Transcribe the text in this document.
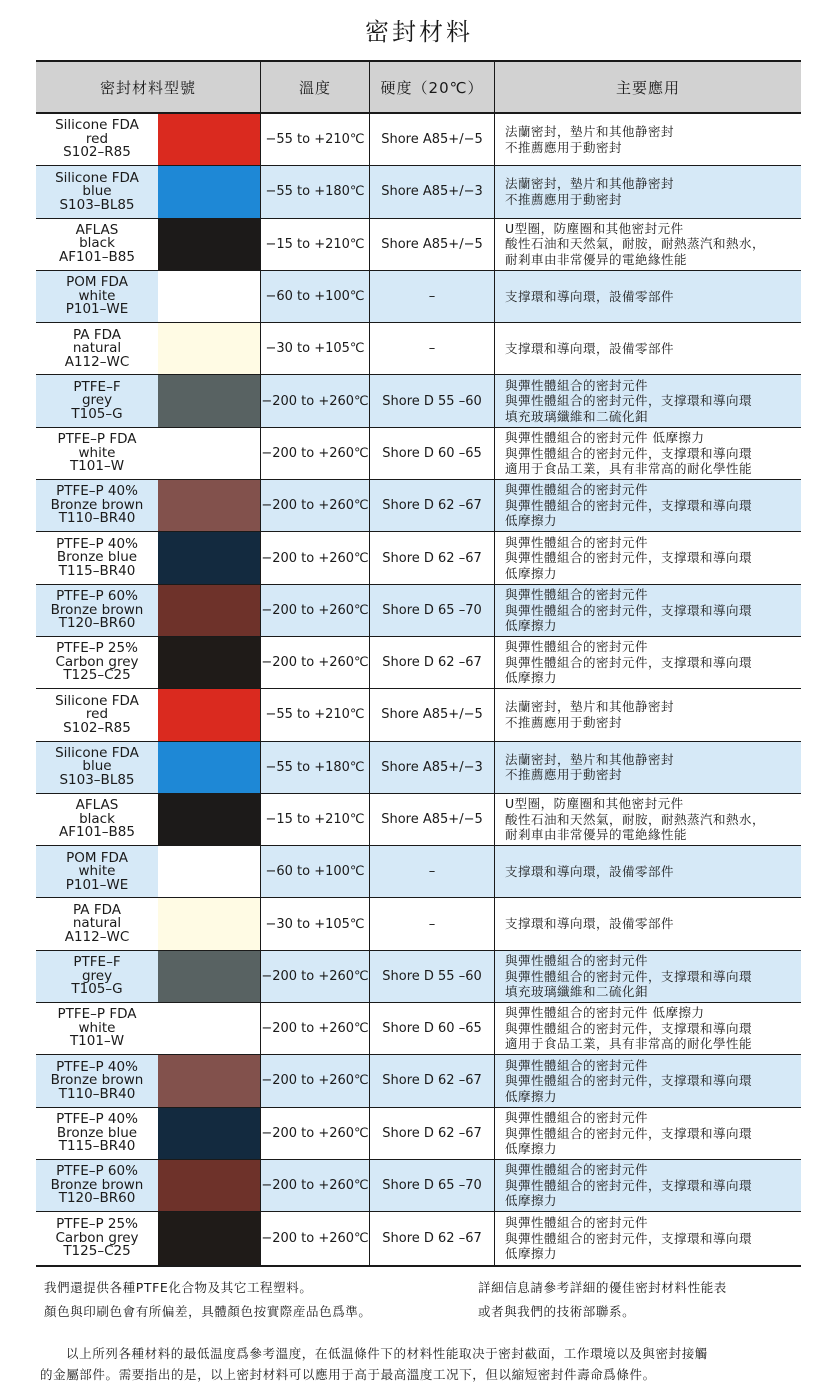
密封材料
密封材料型號	溫度	硬度（20℃）	主要應用
Silicone FDA
red
S102–R85
−55 to +210℃	Shore A85+/−5
法蘭密封，墊片和其他静密封
不推薦應用于動密封
Silicone FDA
blue
S103–BL85
−55 to +180℃	Shore A85+/−3
法蘭密封，墊片和其他静密封
不推薦應用于動密封
AFLAS
black
AF101–B85
−15 to +210℃	Shore A85+/−5
U型圈，防塵圈和其他密封元件
酸性石油和天然氣，耐胺，耐熱蒸汽和熱水，
耐剎車由非常優异的電絶緣性能
POM FDA
white
P101–WE
−60 to +100℃	–	支撑環和導向環，設備零部件
PA FDA
natural
A112–WC
−30 to +105℃	–	支撑環和導向環，設備零部件
PTFE–F
grey
T105–G
−200 to +260℃	Shore D 55 –60
與彈性體組合的密封元件
與彈性體組合的密封元件，支撑環和導向環
填充玻璃纖維和二硫化鉬
PTFE–P FDA
white
T101–W
−200 to +260℃	Shore D 60 –65
與彈性體組合的密封元件 低摩擦力
與彈性體組合的密封元件，支撑環和導向環
適用于食品工業，具有非常高的耐化學性能
PTFE–P 40%
Bronze brown
T110–BR40
−200 to +260℃	Shore D 62 –67
與彈性體組合的密封元件
與彈性體組合的密封元件，支撑環和導向環
低摩擦力
PTFE–P 40%
Bronze blue
T115–BR40
−200 to +260℃	Shore D 62 –67
與彈性體組合的密封元件
與彈性體組合的密封元件，支撑環和導向環
低摩擦力
PTFE–P 60%
Bronze brown
T120–BR60
−200 to +260℃	Shore D 65 –70
與彈性體組合的密封元件
與彈性體組合的密封元件，支撑環和導向環
低摩擦力
PTFE–P 25%
Carbon grey
T125–C25
−200 to +260℃	Shore D 62 –67
與彈性體組合的密封元件
與彈性體組合的密封元件，支撑環和導向環
低摩擦力
Silicone FDA
red
S102–R85
−55 to +210℃	Shore A85+/−5
法蘭密封，墊片和其他静密封
不推薦應用于動密封
Silicone FDA
blue
S103–BL85
−55 to +180℃	Shore A85+/−3
法蘭密封，墊片和其他静密封
不推薦應用于動密封
AFLAS
black
AF101–B85
−15 to +210℃	Shore A85+/−5
U型圈，防塵圈和其他密封元件
酸性石油和天然氣，耐胺，耐熱蒸汽和熱水，
耐剎車由非常優异的電絶緣性能
POM FDA
white
P101–WE
−60 to +100℃	–	支撑環和導向環，設備零部件
PA FDA
natural
A112–WC
−30 to +105℃	–	支撑環和導向環，設備零部件
PTFE–F
grey
T105–G
−200 to +260℃	Shore D 55 –60
與彈性體組合的密封元件
與彈性體組合的密封元件，支撑環和導向環
填充玻璃纖維和二硫化鉬
PTFE–P FDA
white
T101–W
−200 to +260℃	Shore D 60 –65
與彈性體組合的密封元件 低摩擦力
與彈性體組合的密封元件，支撑環和導向環
適用于食品工業，具有非常高的耐化學性能
PTFE–P 40%
Bronze brown
T110–BR40
−200 to +260℃	Shore D 62 –67
與彈性體組合的密封元件
與彈性體組合的密封元件，支撑環和導向環
低摩擦力
PTFE–P 40%
Bronze blue
T115–BR40
−200 to +260℃	Shore D 62 –67
與彈性體組合的密封元件
與彈性體組合的密封元件，支撑環和導向環
低摩擦力
PTFE–P 60%
Bronze brown
T120–BR60
−200 to +260℃	Shore D 65 –70
與彈性體組合的密封元件
與彈性體組合的密封元件，支撑環和導向環
低摩擦力
PTFE–P 25%
Carbon grey
T125–C25
−200 to +260℃	Shore D 62 –67
與彈性體組合的密封元件
與彈性體組合的密封元件，支撑環和導向環
低摩擦力
我們還提供各種PTFE化合物及其它工程塑料。
顏色與印刷色會有所偏差，具體顏色按實際産品色爲準。
詳細信息請參考詳細的優佳密封材料性能表
或者與我們的技術部聯系。
以上所列各種材料的最低温度爲參考溫度，在低温條件下的材料性能取决于密封截面，工作環境以及與密封接觸
的金屬部件。需要指出的是，以上密封材料可以應用于高于最高溫度工况下，但以縮短密封件壽命爲條件。
